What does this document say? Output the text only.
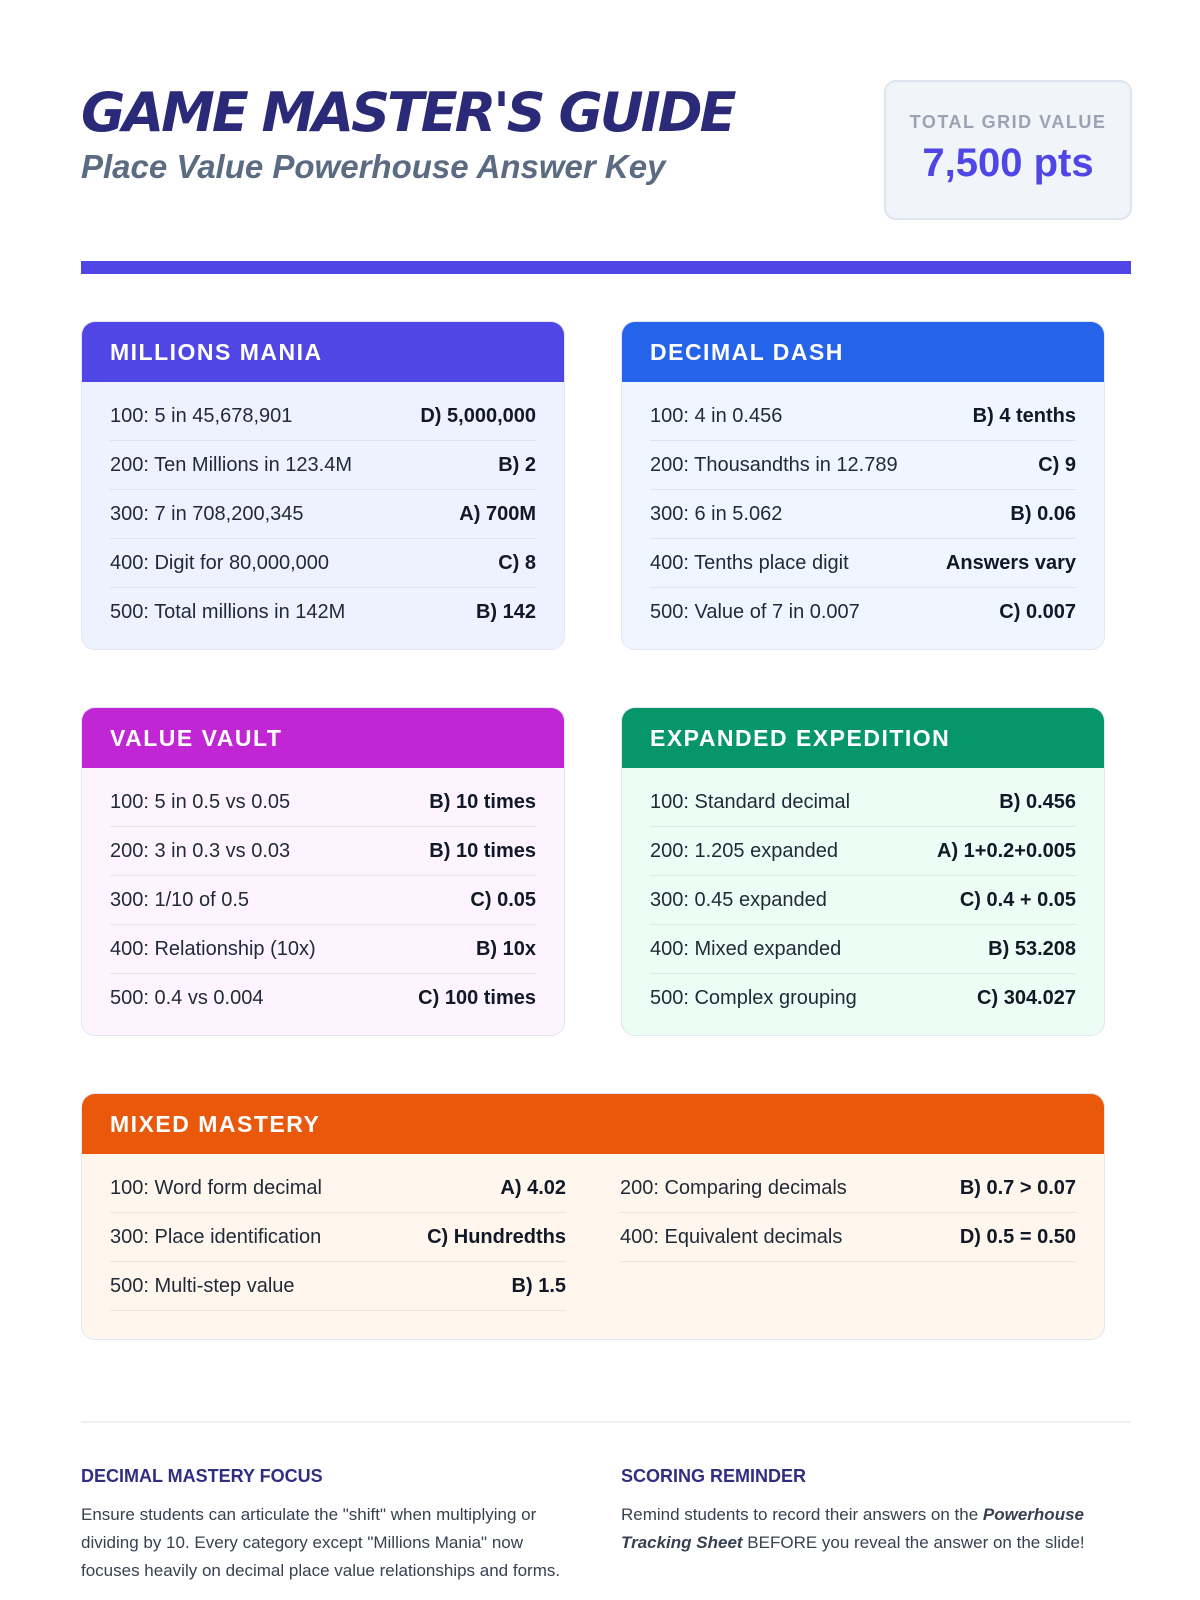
GAME MASTER'S GUIDE
Place Value Powerhouse Answer Key
TOTAL GRID VALUE
7,500 pts
MILLIONS MANIA
100: 5 in 45,678,901	D) 5,000,000
200: Ten Millions in 123.4M	B) 2
300: 7 in 708,200,345	A) 700M
400: Digit for 80,000,000	C) 8
500: Total millions in 142M	B) 142
DECIMAL DASH
100: 4 in 0.456	B) 4 tenths
200: Thousandths in 12.789	C) 9
300: 6 in 5.062	B) 0.06
400: Tenths place digit	Answers vary
500: Value of 7 in 0.007	C) 0.007
VALUE VAULT
100: 5 in 0.5 vs 0.05	B) 10 times
200: 3 in 0.3 vs 0.03	B) 10 times
300: 1/10 of 0.5	C) 0.05
400: Relationship (10x)	B) 10x
500: 0.4 vs 0.004	C) 100 times
EXPANDED EXPEDITION
100: Standard decimal	B) 0.456
200: 1.205 expanded	A) 1+0.2+0.005
300: 0.45 expanded	C) 0.4 + 0.05
400: Mixed expanded	B) 53.208
500: Complex grouping	C) 304.027
MIXED MASTERY
100: Word form decimal	A) 4.02
300: Place identification	C) Hundredths
500: Multi-step value	B) 1.5
200: Comparing decimals	B) 0.7 > 0.07
400: Equivalent decimals	D) 0.5 = 0.50
DECIMAL MASTERY FOCUS
Ensure students can articulate the "shift" when multiplying or dividing by 10. Every category except "Millions Mania" now focuses heavily on decimal place value relationships and forms.
SCORING REMINDER
Remind students to record their answers on the Powerhouse Tracking Sheet BEFORE you reveal the answer on the slide!
